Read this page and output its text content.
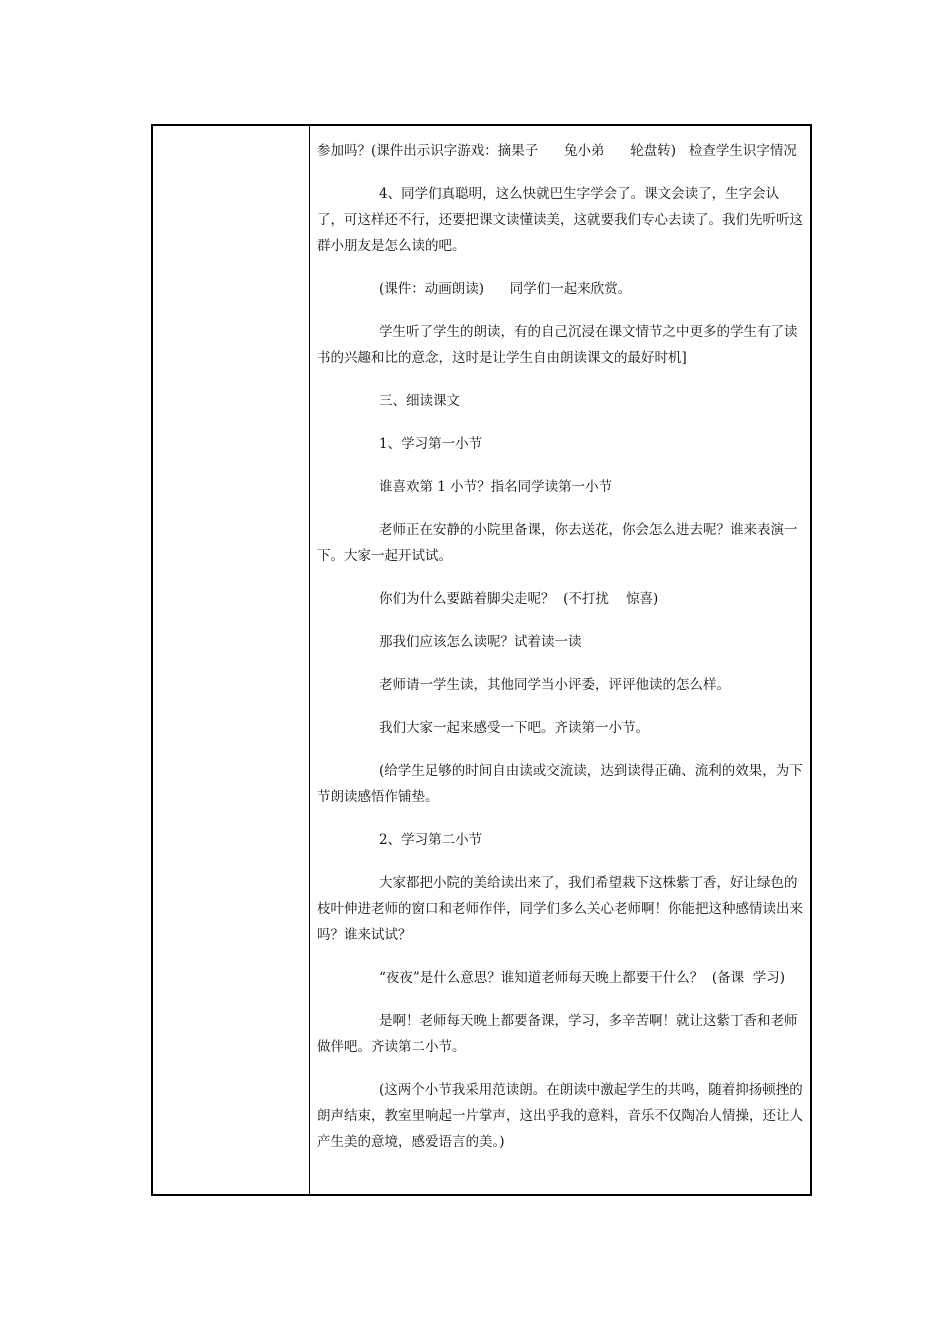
参加吗？(课件出示识字游戏：摘果子      兔小弟      轮盘转)   检查学生识字情况

4、同学们真聪明，这么快就巴生字学会了。课文会读了，生字会认了，可这样还不行，还要把课文读懂读美，这就要我们专心去读了。我们先听听这群小朋友是怎么读的吧。

(课件：动画朗读)      同学们一起来欣赏。

学生听了学生的朗读，有的自己沉浸在课文情节之中更多的学生有了读书的兴趣和比的意念，这时是让学生自由朗读课文的最好时机]

三、细读课文

1、学习第一小节

谁喜欢第 1 小节？指名同学读第一小节

老师正在安静的小院里备课，你去送花，你会怎么进去呢？谁来表演一下。大家一起开试试。

你们为什么要踮着脚尖走呢？  (不打扰    惊喜)

那我们应该怎么读呢？试着读一读

老师请一学生读，其他同学当小评委，评评他读的怎么样。

我们大家一起来感受一下吧。齐读第一小节。

(给学生足够的时间自由读或交流读，达到读得正确、流利的效果，为下节朗读感悟作铺垫。

2、学习第二小节

大家都把小院的美给读出来了，我们希望栽下这株紫丁香，好让绿色的枝叶伸进老师的窗口和老师作伴，同学们多么关心老师啊！你能把这种感情读出来吗？谁来试试？

“夜夜”是什么意思？谁知道老师每天晚上都要干什么？  (备课  学习)

是啊！老师每天晚上都要备课，学习，多辛苦啊！就让这紫丁香和老师做伴吧。齐读第二小节。

(这两个小节我采用范读朗。在朗读中激起学生的共鸣，随着抑扬顿挫的朗声结束，教室里响起一片掌声，这出乎我的意料，音乐不仅陶冶人情操，还让人产生美的意境，感爱语言的美。)
